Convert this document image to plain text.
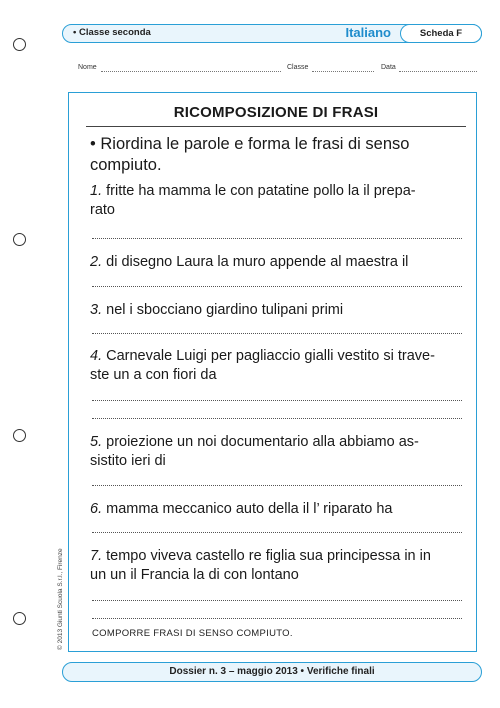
• Classe seconda	Italiano	Scheda F
Nome	Classe	Data
RICOMPOSIZIONE DI FRASI
• Riordina le parole e forma le frasi di senso compiuto.
1. fritte ha mamma le con patatine pollo la il prepa-
rato
2. di disegno Laura la muro appende al maestra il
3. nel i sbocciano giardino tulipani primi
4. Carnevale Luigi per pagliaccio gialli vestito si trave-
ste un a con fiori da
5. proiezione un noi documentario alla abbiamo as-
sistito ieri di
6. mamma meccanico auto della il l’ riparato ha
7. tempo viveva castello re figlia sua principessa in in
un un il Francia la di con lontano
COMPORRE FRASI DI SENSO COMPIUTO.
© 2013 Giunti Scuola S.r.l., Firenze
Dossier n. 3 – maggio 2013 • Verifiche finali
